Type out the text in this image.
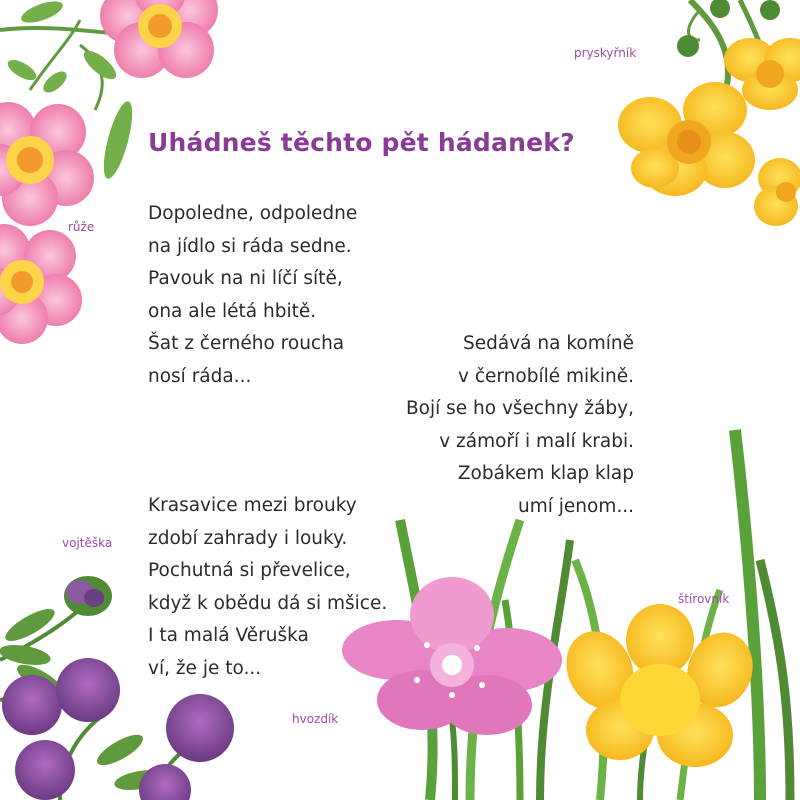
Uhádneš těchto pět hádanek?
pryskyřník
růže
vojtěška
štírovník
hvozdík
Dopoledne, odpoledne
na jídlo si ráda sedne.
Pavouk na ni líčí sítě,
ona ale létá hbitě.
Šat z černého roucha
nosí ráda...
Sedává na komíně
v černobílé mikině.
Bojí se ho všechny žáby,
v zámoří i malí krabi.
Zobákem klap klap
umí jenom...
Krasavice mezi brouky
zdobí zahrady i louky.
Pochutná si převelice,
když k obědu dá si mšice.
I ta malá Věruška
ví, že je to...
